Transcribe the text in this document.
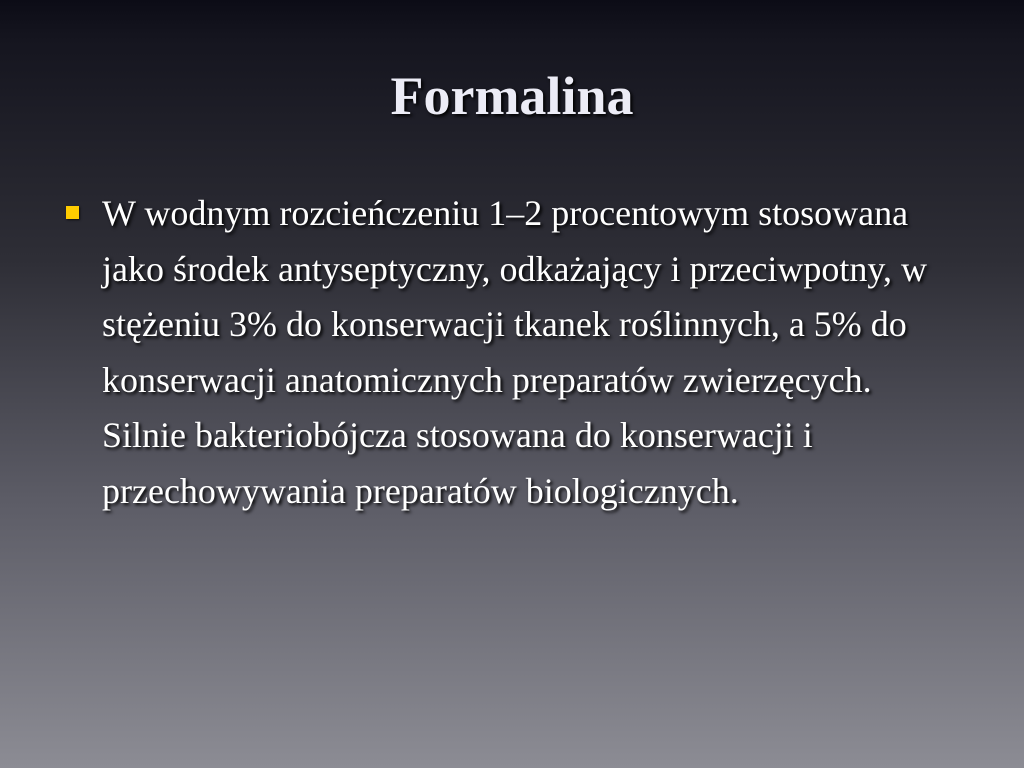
Formalina
W wodnym rozcieńczeniu 1–2 procentowym stosowana jako środek antyseptyczny, odkażający i przeciwpotny, w stężeniu 3% do konserwacji tkanek roślinnych, a 5% do konserwacji anatomicznych preparatów zwierzęcych. Silnie bakteriobójcza stosowana do konserwacji i przechowywania preparatów biologicznych.
